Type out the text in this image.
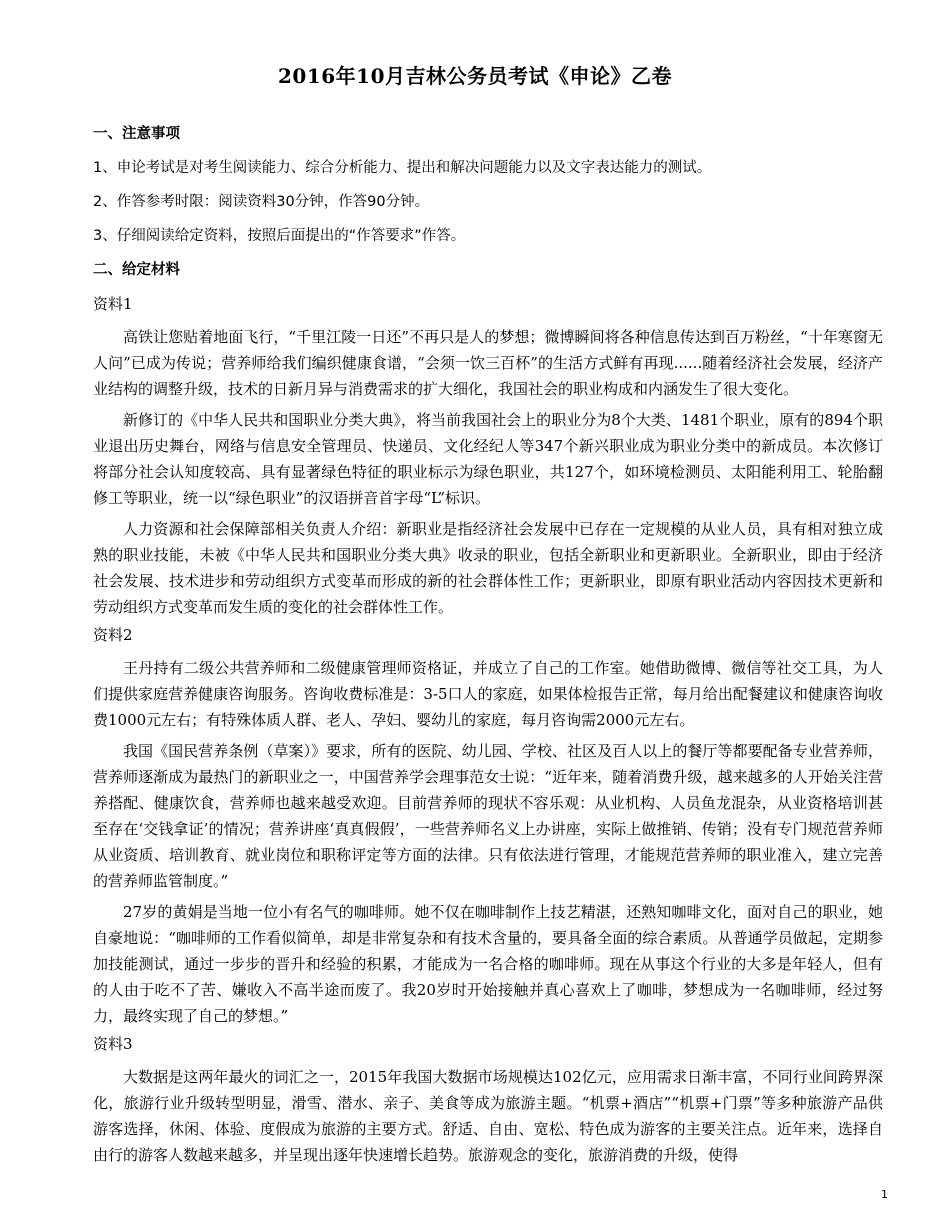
2016年10月吉林公务员考试《申论》乙卷
一、注意事项
1、申论考试是对考生阅读能力、综合分析能力、提出和解决问题能力以及文字表达能力的测试。
2、作答参考时限：阅读资料30分钟，作答90分钟。
3、仔细阅读给定资料，按照后面提出的“作答要求”作答。
二、给定材料
资料1

高铁让您贴着地面飞行，“千里江陵一日还”不再只是人的梦想；微博瞬间将各种信息传达到百万粉丝，“十年寒窗无人问”已成为传说；营养师给我们编织健康食谱，“会须一饮三百杯”的生活方式鲜有再现......随着经济社会发展，经济产业结构的调整升级，技术的日新月异与消费需求的扩大细化，我国社会的职业构成和内涵发生了很大变化。

新修订的《中华人民共和国职业分类大典》，将当前我国社会上的职业分为8个大类、1481个职业，原有的894个职业退出历史舞台，网络与信息安全管理员、快递员、文化经纪人等347个新兴职业成为职业分类中的新成员。本次修订将部分社会认知度较高、具有显著绿色特征的职业标示为绿色职业，共127个，如环境检测员、太阳能利用工、轮胎翻修工等职业，统一以“绿色职业”的汉语拼音首字母“L”标识。

人力资源和社会保障部相关负责人介绍：新职业是指经济社会发展中已存在一定规模的从业人员，具有相对独立成熟的职业技能，未被《中华人民共和国职业分类大典》收录的职业，包括全新职业和更新职业。全新职业，即由于经济社会发展、技术进步和劳动组织方式变革而形成的新的社会群体性工作；更新职业，即原有职业活动内容因技术更新和劳动组织方式变革而发生质的变化的社会群体性工作。

资料2

王丹持有二级公共营养师和二级健康管理师资格证，并成立了自己的工作室。她借助微博、微信等社交工具，为人们提供家庭营养健康咨询服务。咨询收费标准是：3-5口人的家庭，如果体检报告正常，每月给出配餐建议和健康咨询收费1000元左右；有特殊体质人群、老人、孕妇、婴幼儿的家庭，每月咨询需2000元左右。

我国《国民营养条例（草案）》要求，所有的医院、幼儿园、学校、社区及百人以上的餐厅等都要配备专业营养师，营养师逐渐成为最热门的新职业之一，中国营养学会理事范女士说：“近年来，随着消费升级，越来越多的人开始关注营养搭配、健康饮食，营养师也越来越受欢迎。目前营养师的现状不容乐观：从业机构、人员鱼龙混杂，从业资格培训甚至存在‘交钱拿证’的情况；营养讲座‘真真假假’，一些营养师名义上办讲座，实际上做推销、传销；没有专门规范营养师从业资质、培训教育、就业岗位和职称评定等方面的法律。只有依法进行管理，才能规范营养师的职业准入，建立完善的营养师监管制度。”

27岁的黄娟是当地一位小有名气的咖啡师。她不仅在咖啡制作上技艺精湛，还熟知咖啡文化，面对自己的职业，她自豪地说：“咖啡师的工作看似简单，却是非常复杂和有技术含量的，要具备全面的综合素质。从普通学员做起，定期参加技能测试，通过一步步的晋升和经验的积累，才能成为一名合格的咖啡师。现在从事这个行业的大多是年轻人，但有的人由于吃不了苦、嫌收入不高半途而废了。我20岁时开始接触并真心喜欢上了咖啡，梦想成为一名咖啡师，经过努力，最终实现了自己的梦想。”

资料3

大数据是这两年最火的词汇之一，2015年我国大数据市场规模达102亿元，应用需求日渐丰富，不同行业间跨界深化，旅游行业升级转型明显，滑雪、潜水、亲子、美食等成为旅游主题。“机票+酒店”“机票+门票”等多种旅游产品供游客选择，休闲、体验、度假成为旅游的主要方式。舒适、自由、宽松、特色成为游客的主要关注点。近年来，选择自由行的游客人数越来越多，并呈现出逐年快速增长趋势。旅游观念的变化，旅游消费的升级，使得

1
